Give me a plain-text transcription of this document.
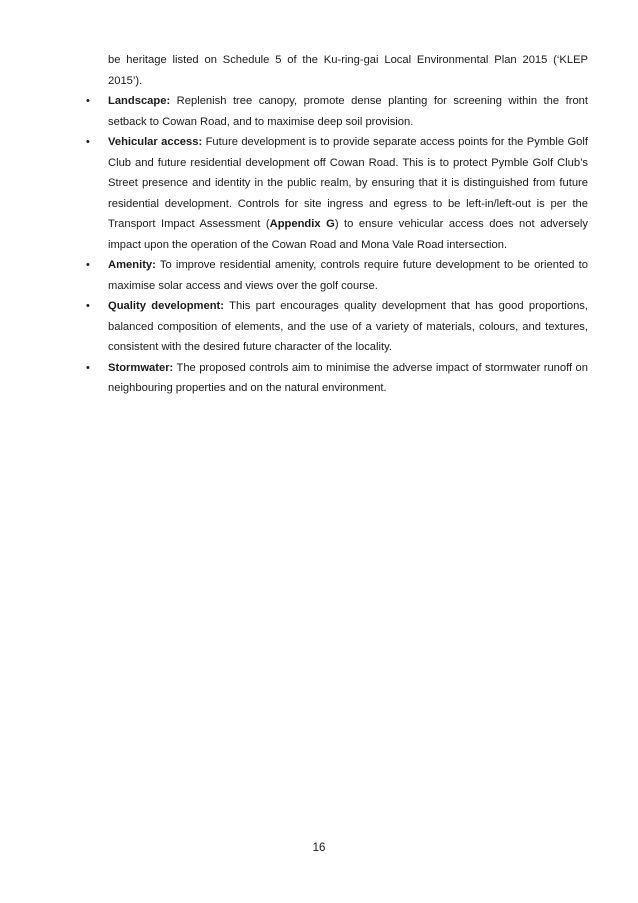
be heritage listed on Schedule 5 of the Ku-ring-gai Local Environmental Plan 2015 (‘KLEP 2015’).

• Landscape: Replenish tree canopy, promote dense planting for screening within the front setback to Cowan Road, and to maximise deep soil provision.
• Vehicular access: Future development is to provide separate access points for the Pymble Golf Club and future residential development off Cowan Road. This is to protect Pymble Golf Club’s Street presence and identity in the public realm, by ensuring that it is distinguished from future residential development. Controls for site ingress and egress to be left-in/left-out is per the Transport Impact Assessment (Appendix G) to ensure vehicular access does not adversely impact upon the operation of the Cowan Road and Mona Vale Road intersection.
• Amenity: To improve residential amenity, controls require future development to be oriented to maximise solar access and views over the golf course.
• Quality development: This part encourages quality development that has good proportions, balanced composition of elements, and the use of a variety of materials, colours, and textures, consistent with the desired future character of the locality.
• Stormwater: The proposed controls aim to minimise the adverse impact of stormwater runoff on neighbouring properties and on the natural environment.
16
